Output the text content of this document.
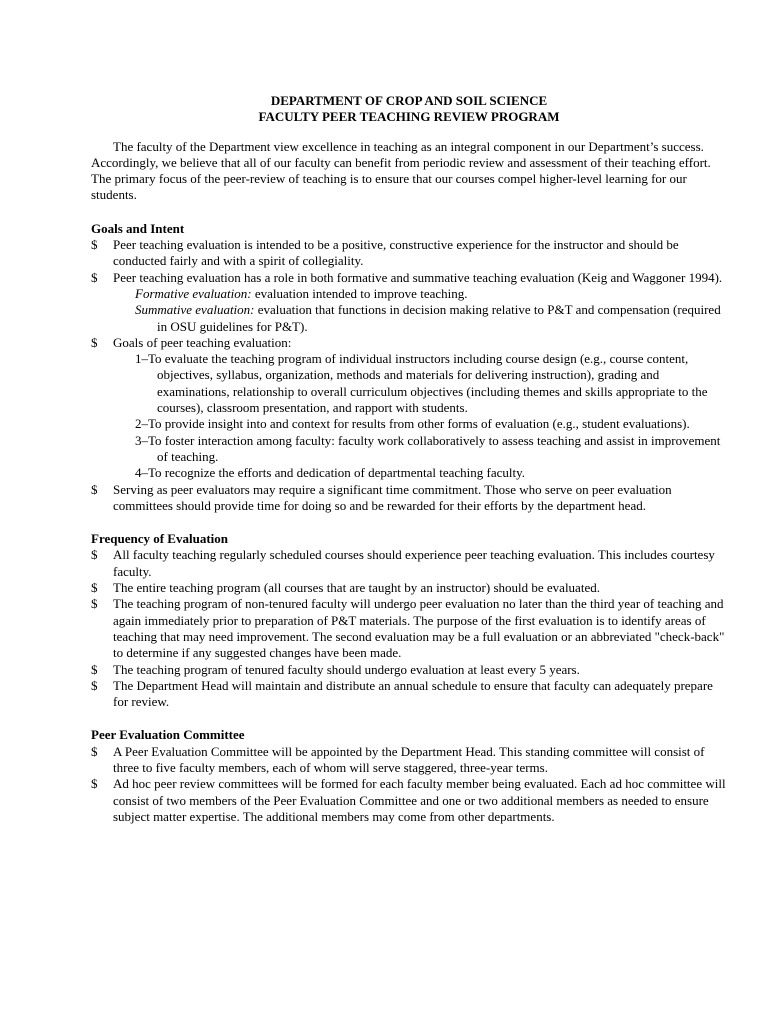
DEPARTMENT OF CROP AND SOIL SCIENCE

FACULTY PEER TEACHING REVIEW PROGRAM

The faculty of the Department view excellence in teaching as an integral component in our Department’s success. Accordingly, we believe that all of our faculty can benefit from periodic review and assessment of their teaching effort. The primary focus of the peer-review of teaching is to ensure that our courses compel higher-level learning for our students.

Goals and Intent

$ Peer teaching evaluation is intended to be a positive, constructive experience for the instructor and should be conducted fairly and with a spirit of collegiality.
$ Peer teaching evaluation has a role in both formative and summative teaching evaluation (Keig and Waggoner 1994).
Formative evaluation: evaluation intended to improve teaching.
Summative evaluation: evaluation that functions in decision making relative to P&T and compensation (required in OSU guidelines for P&T).
$ Goals of peer teaching evaluation:
1–To evaluate the teaching program of individual instructors including course design (e.g., course content, objectives, syllabus, organization, methods and materials for delivering instruction), grading and examinations, relationship to overall curriculum objectives (including themes and skills appropriate to the courses), classroom presentation, and rapport with students.
2–To provide insight into and context for results from other forms of evaluation (e.g., student evaluations).
3–To foster interaction among faculty: faculty work collaboratively to assess teaching and assist in improvement of teaching.
4–To recognize the efforts and dedication of departmental teaching faculty.
$ Serving as peer evaluators may require a significant time commitment. Those who serve on peer evaluation committees should provide time for doing so and be rewarded for their efforts by the department head.

Frequency of Evaluation

$ All faculty teaching regularly scheduled courses should experience peer teaching evaluation. This includes courtesy faculty.
$ The entire teaching program (all courses that are taught by an instructor) should be evaluated.
$ The teaching program of non-tenured faculty will undergo peer evaluation no later than the third year of teaching and again immediately prior to preparation of P&T materials. The purpose of the first evaluation is to identify areas of teaching that may need improvement. The second evaluation may be a full evaluation or an abbreviated "check-back" to determine if any suggested changes have been made.
$ The teaching program of tenured faculty should undergo evaluation at least every 5 years.
$ The Department Head will maintain and distribute an annual schedule to ensure that faculty can adequately prepare for review.

Peer Evaluation Committee

$ A Peer Evaluation Committee will be appointed by the Department Head. This standing committee will consist of three to five faculty members, each of whom will serve staggered, three-year terms.
$ Ad hoc peer review committees will be formed for each faculty member being evaluated. Each ad hoc committee will consist of two members of the Peer Evaluation Committee and one or two additional members as needed to ensure subject matter expertise. The additional members may come from other departments.
